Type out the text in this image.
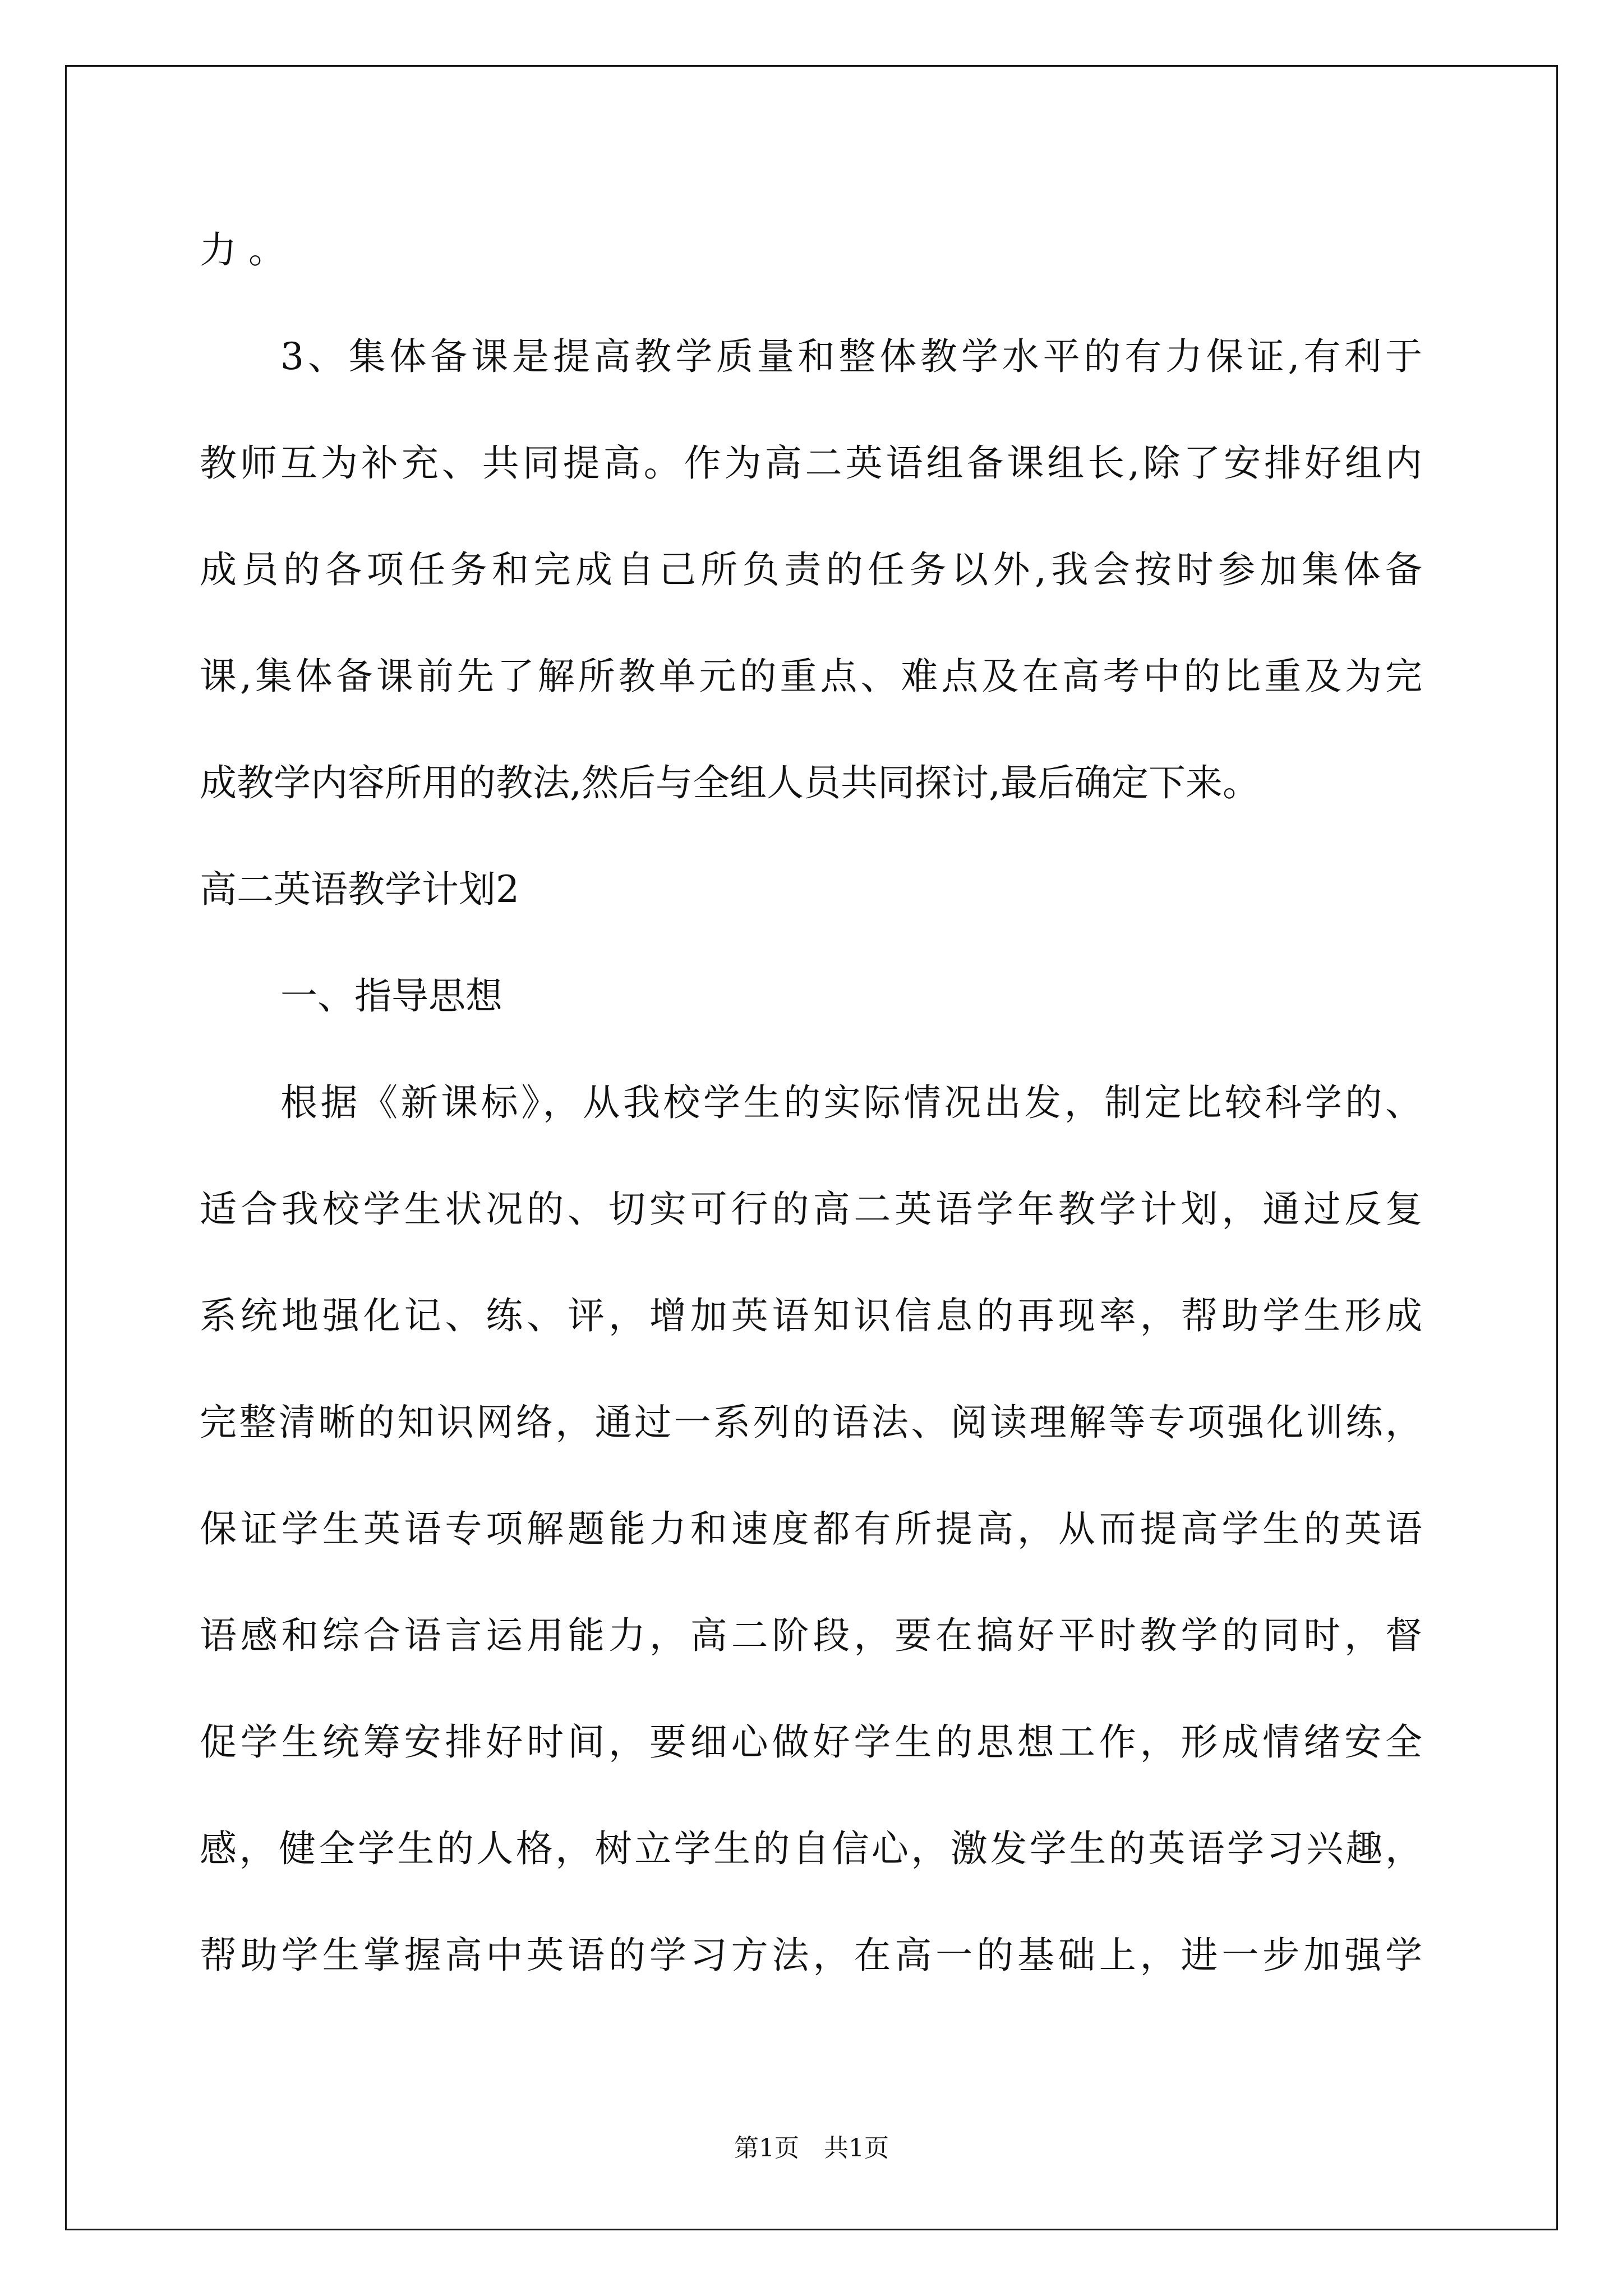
力 。

3、集体备课是提高教学质量和整体教学水平的有力保证,有利于

教师互为补充、共同提高。作为高二英语组备课组长,除了安排好组内

成员的各项任务和完成自己所负责的任务以外,我会按时参加集体备

课,集体备课前先了解所教单元的重点、难点及在高考中的比重及为完

成教学内容所用的教法,然后与全组人员共同探讨,最后确定下来。

高二英语教学计划2

一、指导思想

根据《新课标》，从我校学生的实际情况出发，制定比较科学的、

适合我校学生状况的、切实可行的高二英语学年教学计划，通过反复

系统地强化记、练、评，增加英语知识信息的再现率，帮助学生形成

完整清晰的知识网络，通过一系列的语法、阅读理解等专项强化训练，

保证学生英语专项解题能力和速度都有所提高，从而提高学生的英语

语感和综合语言运用能力，高二阶段，要在搞好平时教学的同时，督

促学生统筹安排好时间，要细心做好学生的思想工作，形成情绪安全

感，健全学生的人格，树立学生的自信心，激发学生的英语学习兴趣，

帮助学生掌握高中英语的学习方法，在高一的基础上，进一步加强学

第1页　共1页
